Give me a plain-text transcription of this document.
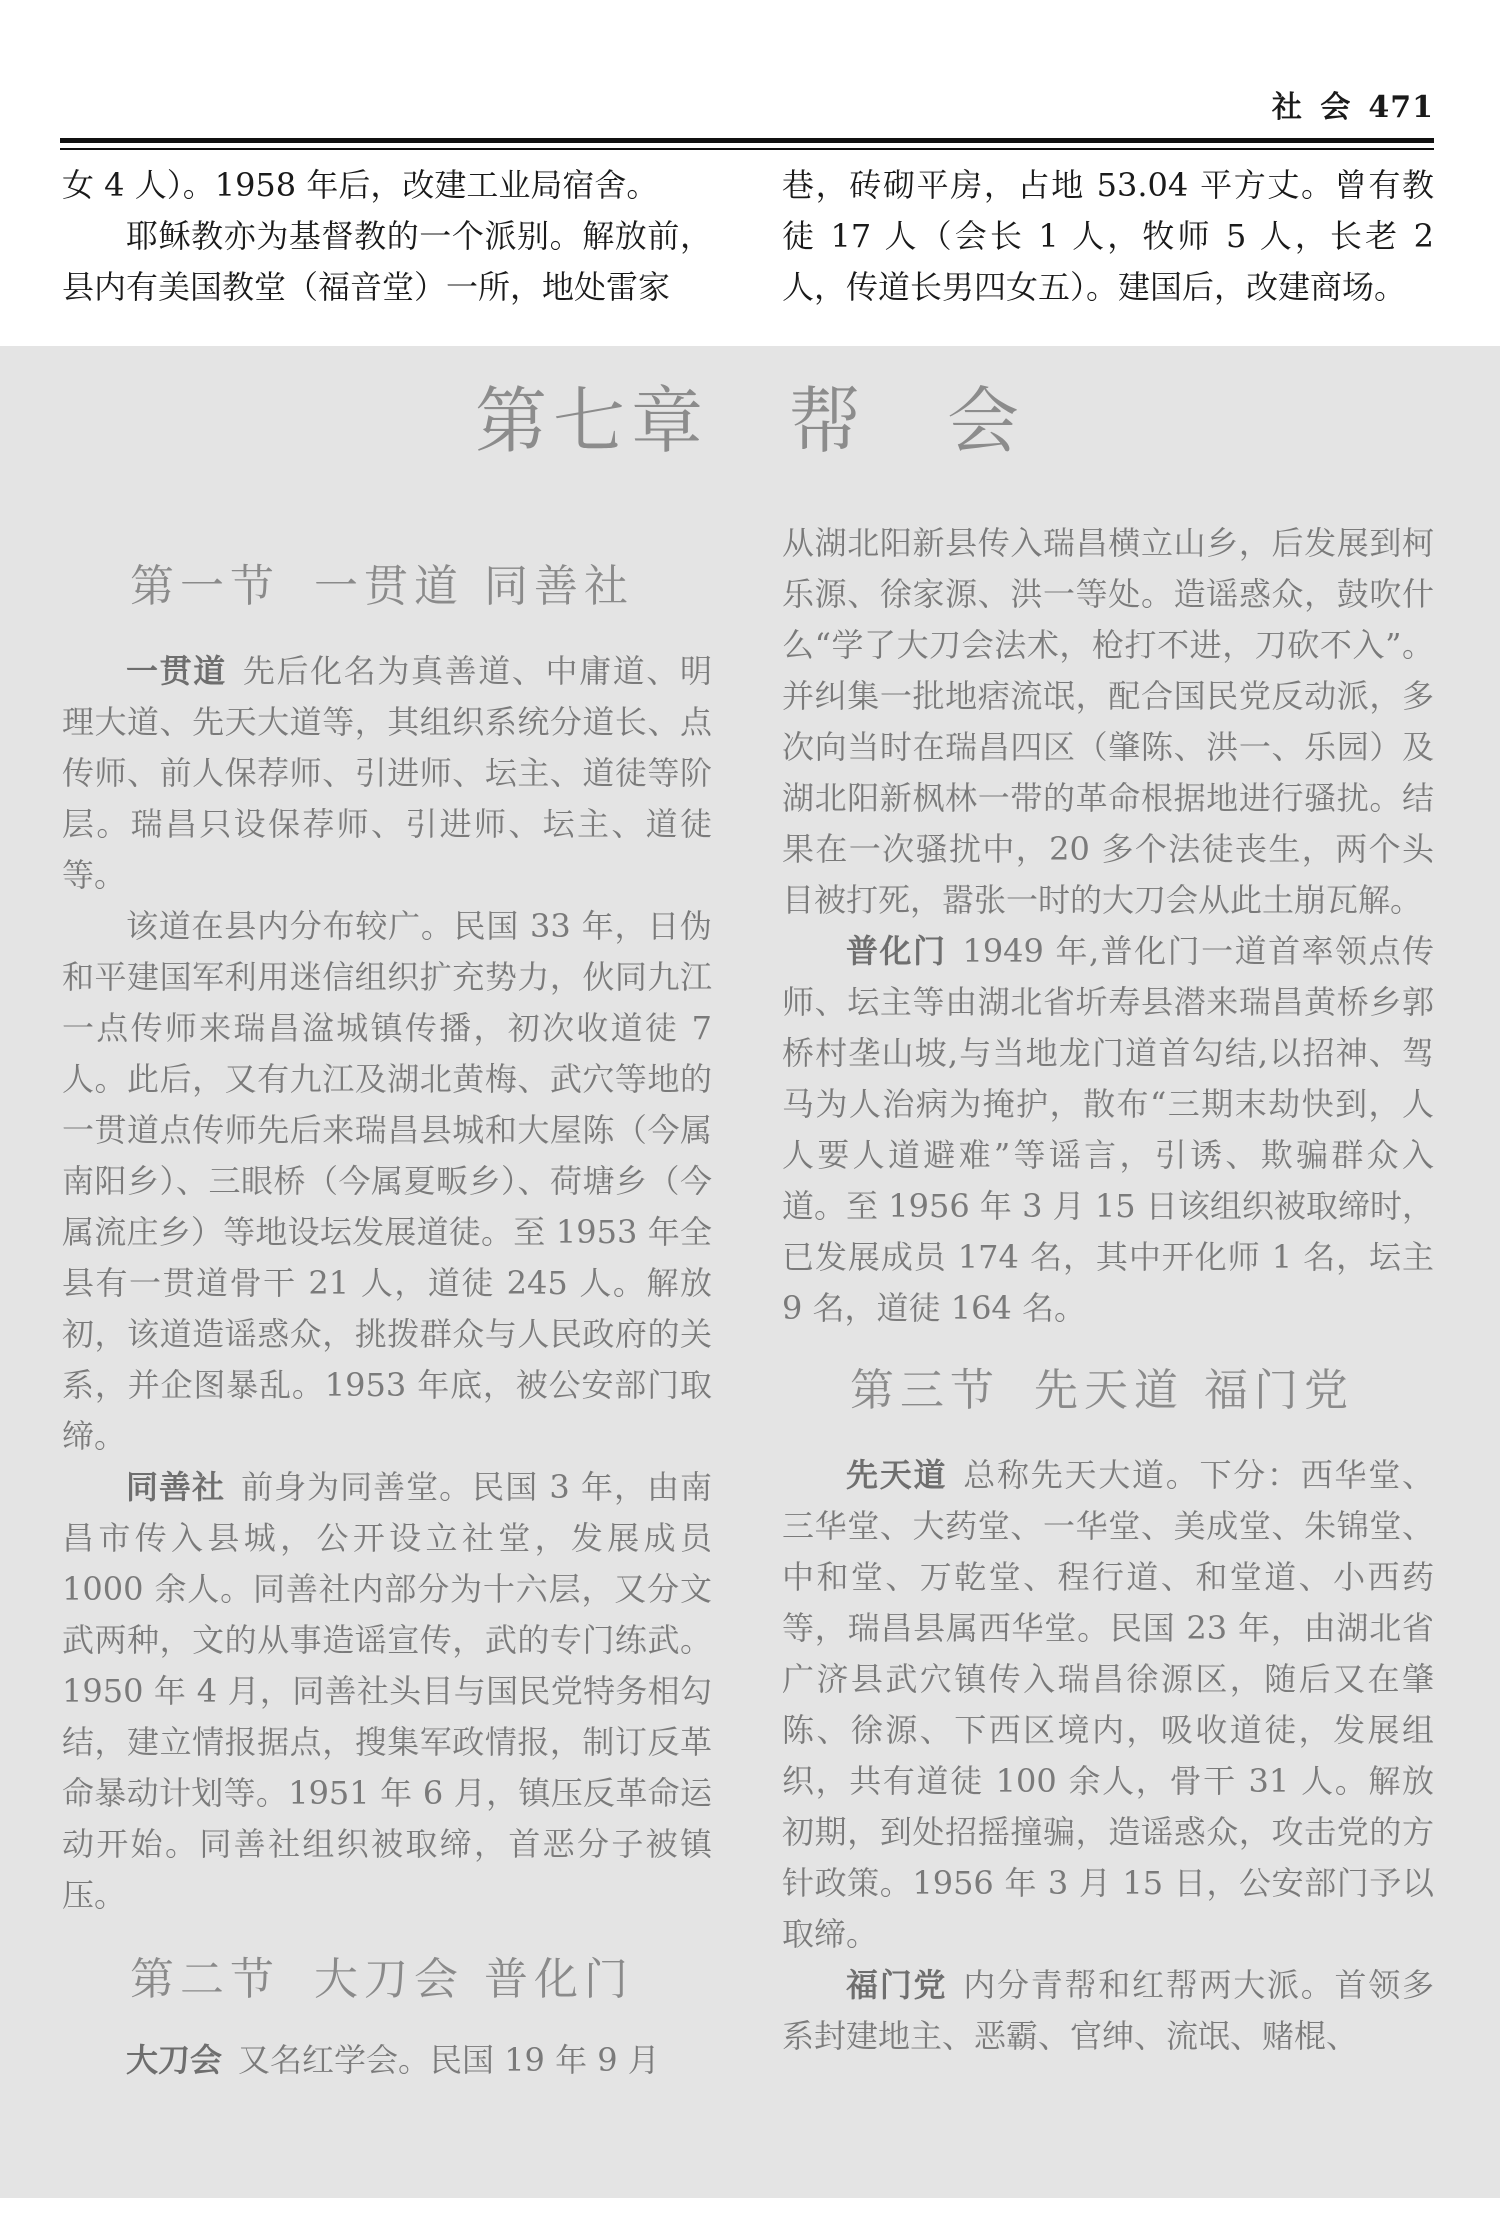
社 会 471

女 4 人）。1958 年后，改建工业局宿舍。

耶稣教亦为基督教的一个派别。解放前，县内有美国教堂（福音堂）一所，地处雷家

巷，砖砌平房，占地 53.04 平方丈。曾有教徒 17 人（会长 1 人，牧师 5 人，长老 2 人，传道长男四女五）。建国后，改建商场。

第七章 帮 会

第一节 一贯道 同善社

一贯道 先后化名为真善道、中庸道、明理大道、先天大道等，其组织系统分道长、点传师、前人保荐师、引进师、坛主、道徒等阶层。瑞昌只设保荐师、引进师、坛主、道徒等。

该道在县内分布较广。民国 33 年，日伪和平建国军利用迷信组织扩充势力，伙同九江一点传师来瑞昌湓城镇传播，初次收道徒 7 人。此后，又有九江及湖北黄梅、武穴等地的一贯道点传师先后来瑞昌县城和大屋陈（今属南阳乡）、三眼桥（今属夏畈乡）、荷塘乡（今属流庄乡）等地设坛发展道徒。至 1953 年全县有一贯道骨干 21 人，道徒 245 人。解放初，该道造谣惑众，挑拨群众与人民政府的关系，并企图暴乱。1953 年底，被公安部门取缔。

同善社 前身为同善堂。民国 3 年，由南昌市传入县城，公开设立社堂，发展成员 1000 余人。同善社内部分为十六层，又分文武两种，文的从事造谣宣传，武的专门练武。1950 年 4 月，同善社头目与国民党特务相勾结，建立情报据点，搜集军政情报，制订反革命暴动计划等。1951 年 6 月，镇压反革命运动开始。同善社组织被取缔，首恶分子被镇压。

第二节 大刀会 普化门

大刀会 又名红学会。民国 19 年 9 月

从湖北阳新县传入瑞昌横立山乡，后发展到柯乐源、徐家源、洪一等处。造谣惑众，鼓吹什么“学了大刀会法术，枪打不进，刀砍不入”。并纠集一批地痞流氓，配合国民党反动派，多次向当时在瑞昌四区（肇陈、洪一、乐园）及湖北阳新枫林一带的革命根据地进行骚扰。结果在一次骚扰中，20 多个法徒丧生，两个头目被打死，嚣张一时的大刀会从此土崩瓦解。

普化门 1949 年,普化门一道首率领点传师、坛主等由湖北省圻寿县潜来瑞昌黄桥乡郭桥村垄山坡,与当地龙门道首勾结,以招神、驾马为人治病为掩护，散布“三期末劫快到，人人要人道避难”等谣言，引诱、欺骗群众入道。至 1956 年 3 月 15 日该组织被取缔时，已发展成员 174 名，其中开化师 1 名，坛主 9 名，道徒 164 名。

第三节 先天道 福门党

先天道 总称先天大道。下分：西华堂、三华堂、大药堂、一华堂、美成堂、朱锦堂、中和堂、万乾堂、程行道、和堂道、小西药等，瑞昌县属西华堂。民国 23 年，由湖北省广济县武穴镇传入瑞昌徐源区，随后又在肇陈、徐源、下西区境内，吸收道徒，发展组织，共有道徒 100 余人，骨干 31 人。解放初期，到处招摇撞骗，造谣惑众，攻击党的方针政策。1956 年 3 月 15 日，公安部门予以取缔。

福门党 内分青帮和红帮两大派。首领多系封建地主、恶霸、官绅、流氓、赌棍、
